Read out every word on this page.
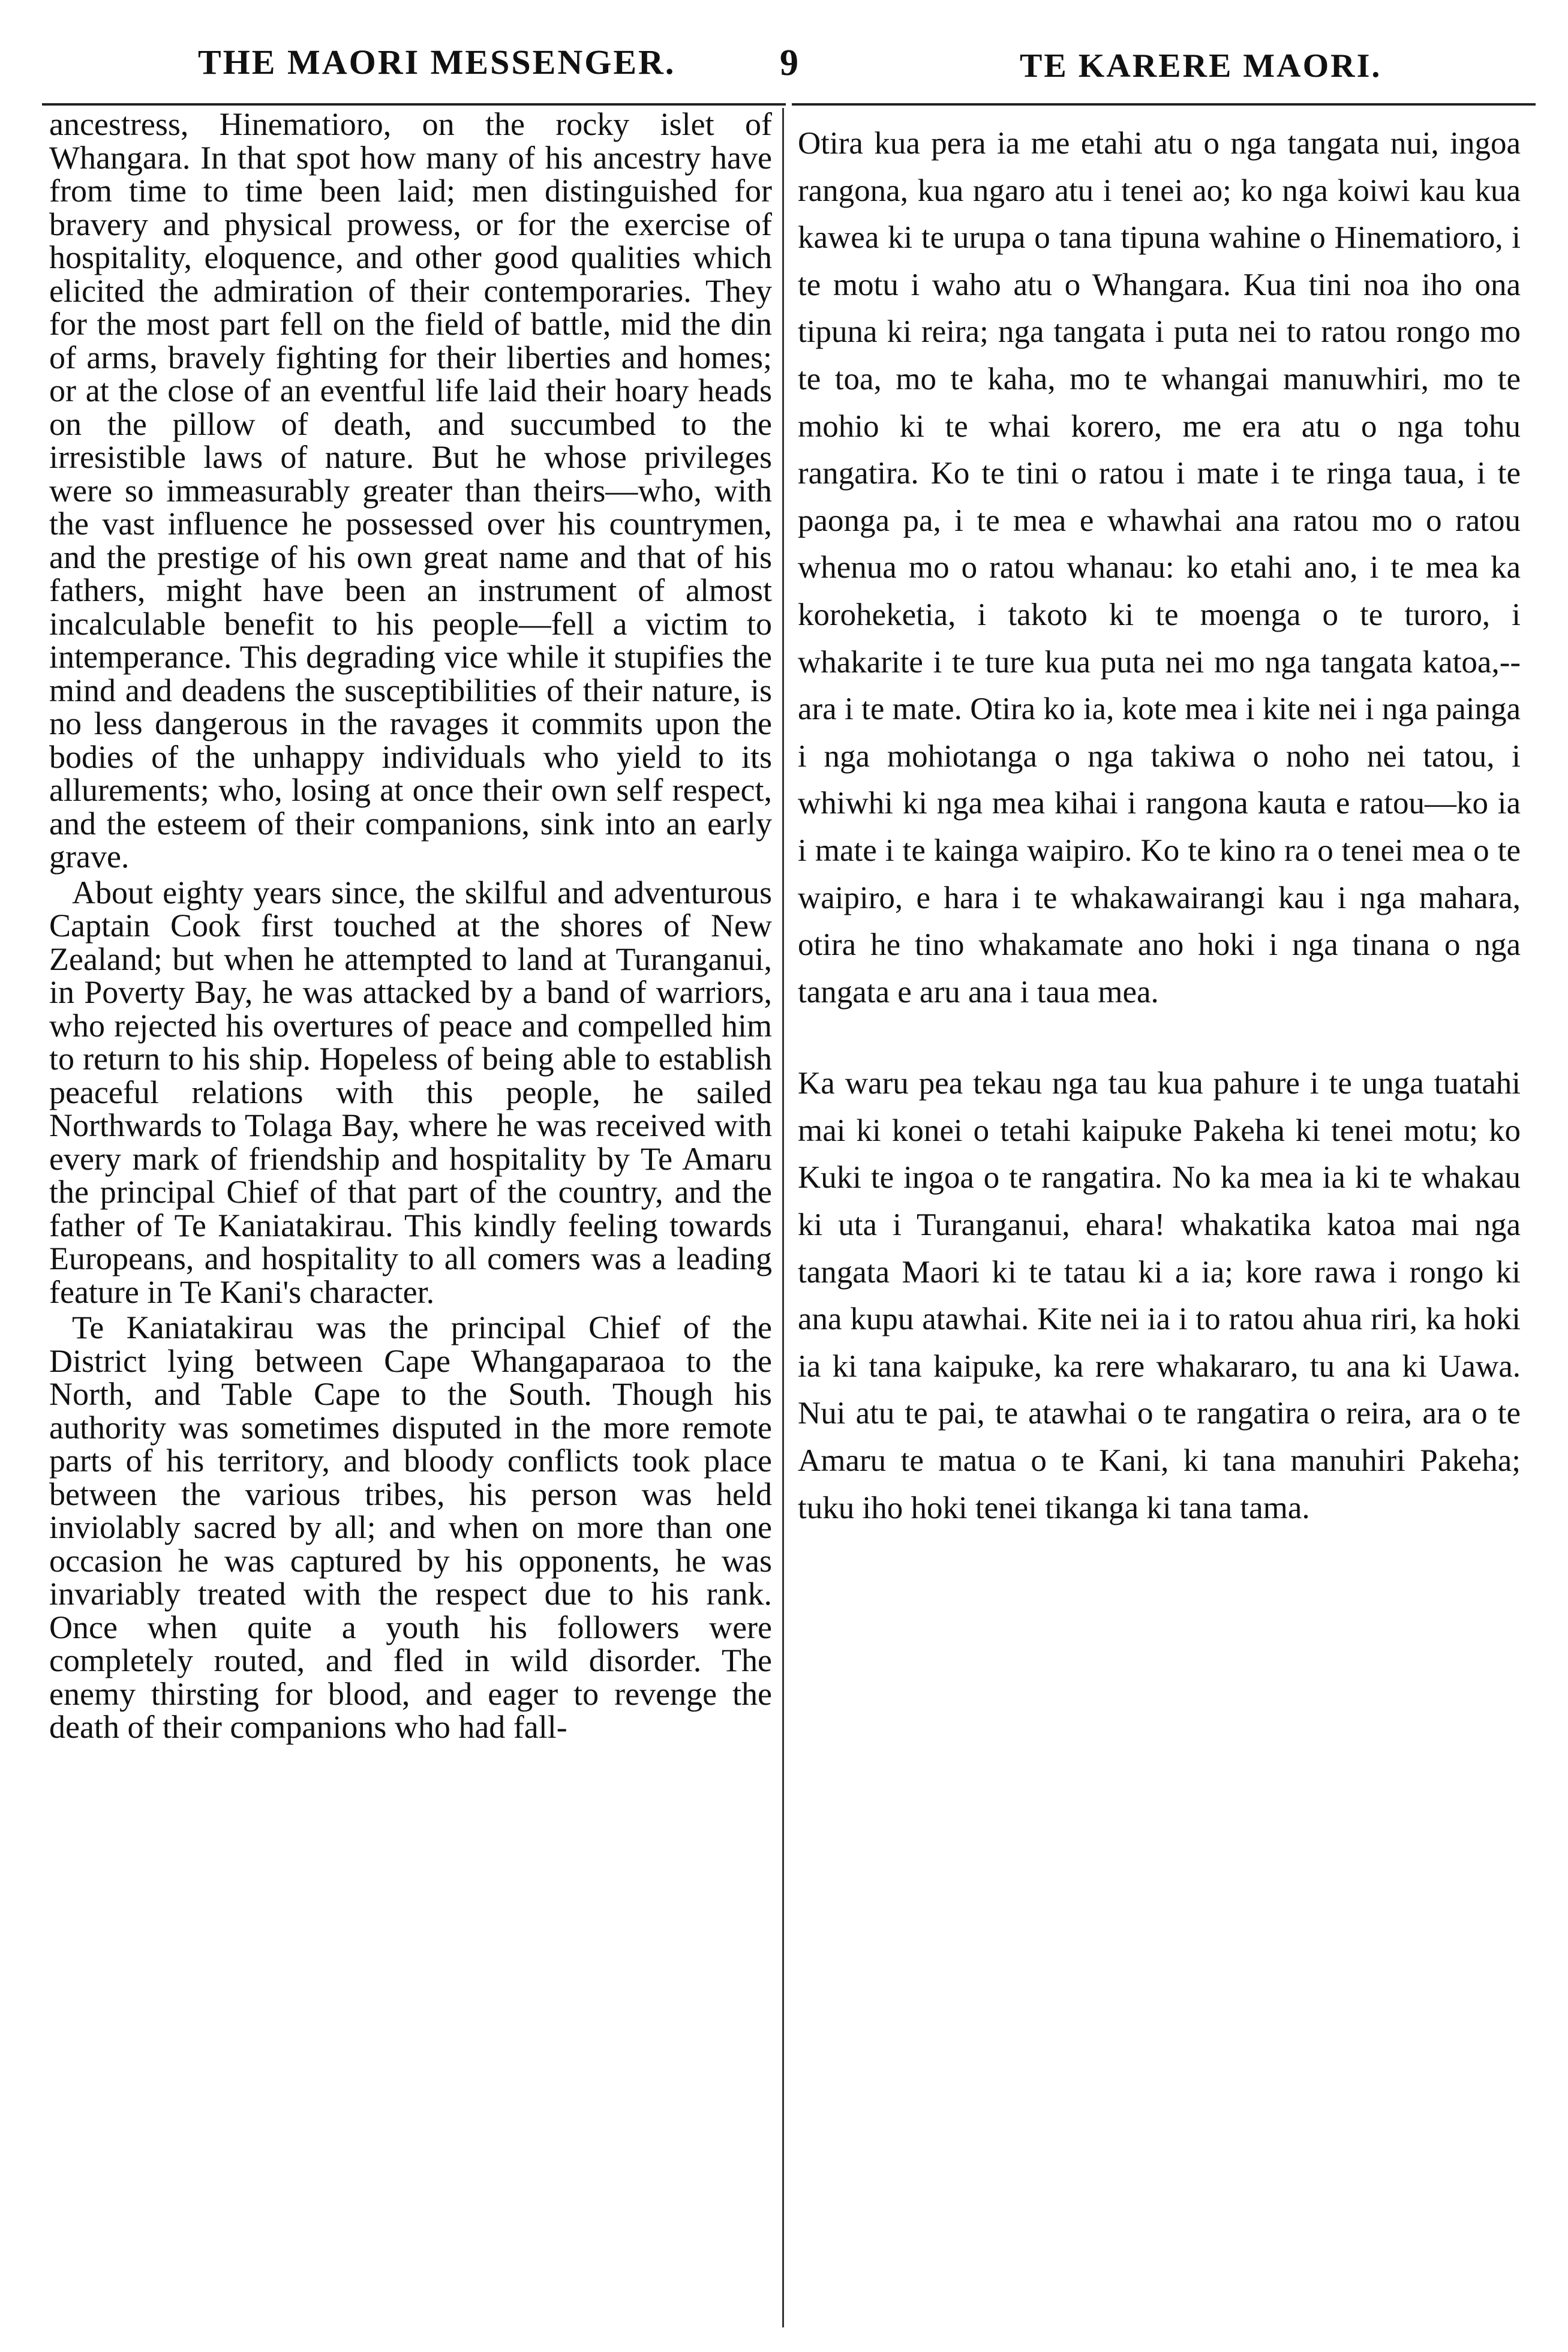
THE MAORI MESSENGER.	9	TE KARERE MAORI.

ancestress, Hinematioro, on the rocky islet of Whangara. In that spot how many of his ancestry have from time to time been laid; men distinguished for bravery and physical prowess, or for the exercise of hospitality, eloquence, and other good qualities which elicited the admiration of their contemporaries. They for the most part fell on the field of battle, mid the din of arms, bravely fighting for their liberties and homes; or at the close of an eventful life laid their hoary heads on the pillow of death, and succumbed to the irresistible laws of nature. But he whose privileges were so immeasurably greater than theirs—who, with the vast influence he possessed over his countrymen, and the prestige of his own great name and that of his fathers, might have been an instrument of almost incalculable benefit to his people—fell a victim to intemperance. This degrading vice while it stupifies the mind and deadens the susceptibilities of their nature, is no less dangerous in the ravages it commits upon the bodies of the unhappy individuals who yield to its allurements; who, losing at once their own self respect, and the esteem of their companions, sink into an early grave.

About eighty years since, the skilful and adventurous Captain Cook first touched at the shores of New Zealand; but when he attempted to land at Turanganui, in Poverty Bay, he was attacked by a band of warriors, who rejected his overtures of peace and compelled him to return to his ship. Hopeless of being able to establish peaceful relations with this people, he sailed Northwards to Tolaga Bay, where he was received with every mark of friendship and hospitality by Te Amaru the principal Chief of that part of the country, and the father of Te Kaniatakirau. This kindly feeling towards Europeans, and hospitality to all comers was a leading feature in Te Kani's character.

Te Kaniatakirau was the principal Chief of the District lying between Cape Whangaparaoa to the North, and Table Cape to the South. Though his authority was sometimes disputed in the more remote parts of his territory, and bloody conflicts took place between the various tribes, his person was held inviolably sacred by all; and when on more than one occasion he was captured by his opponents, he was invariably treated with the respect due to his rank. Once when quite a youth his followers were completely routed, and fled in wild disorder. The enemy thirsting for blood, and eager to revenge the death of their companions who had fall-

Otira kua pera ia me etahi atu o nga tangata nui, ingoa rangona, kua ngaro atu i tenei ao; ko nga koiwi kau kua kawea ki te urupa o tana tipuna wahine o Hinematioro, i te motu i waho atu o Whangara. Kua tini noa iho ona tipuna ki reira; nga tangata i puta nei to ratou rongo mo te toa, mo te kaha, mo te whangai manuwhiri, mo te mohio ki te whai korero, me era atu o nga tohu rangatira. Ko te tini o ratou i mate i te ringa taua, i te paonga pa, i te mea e whawhai ana ratou mo o ratou whenua mo o ratou whanau: ko etahi ano, i te mea ka koroheketia, i takoto ki te moenga o te turoro, i whakarite i te ture kua puta nei mo nga tangata katoa,--ara i te mate. Otira ko ia, kote mea i kite nei i nga painga i nga mohiotanga o nga takiwa o noho nei tatou, i whiwhi ki nga mea kihai i rangona kauta e ratou—ko ia i mate i te kainga waipiro. Ko te kino ra o tenei mea o te waipiro, e hara i te whakawairangi kau i nga mahara, otira he tino whakamate ano hoki i nga tinana o nga tangata e aru ana i taua mea.

Ka waru pea tekau nga tau kua pahure i te unga tuatahi mai ki konei o tetahi kaipuke Pakeha ki tenei motu; ko Kuki te ingoa o te rangatira. No ka mea ia ki te whakau ki uta i Turanganui, ehara! whakatika katoa mai nga tangata Maori ki te tatau ki a ia; kore rawa i rongo ki ana kupu atawhai. Kite nei ia i to ratou ahua riri, ka hoki ia ki tana kaipuke, ka rere whakararo, tu ana ki Uawa. Nui atu te pai, te atawhai o te rangatira o reira, ara o te Amaru te matua o te Kani, ki tana manuhiri Pakeha; tuku iho hoki tenei tikanga ki tana tama.
